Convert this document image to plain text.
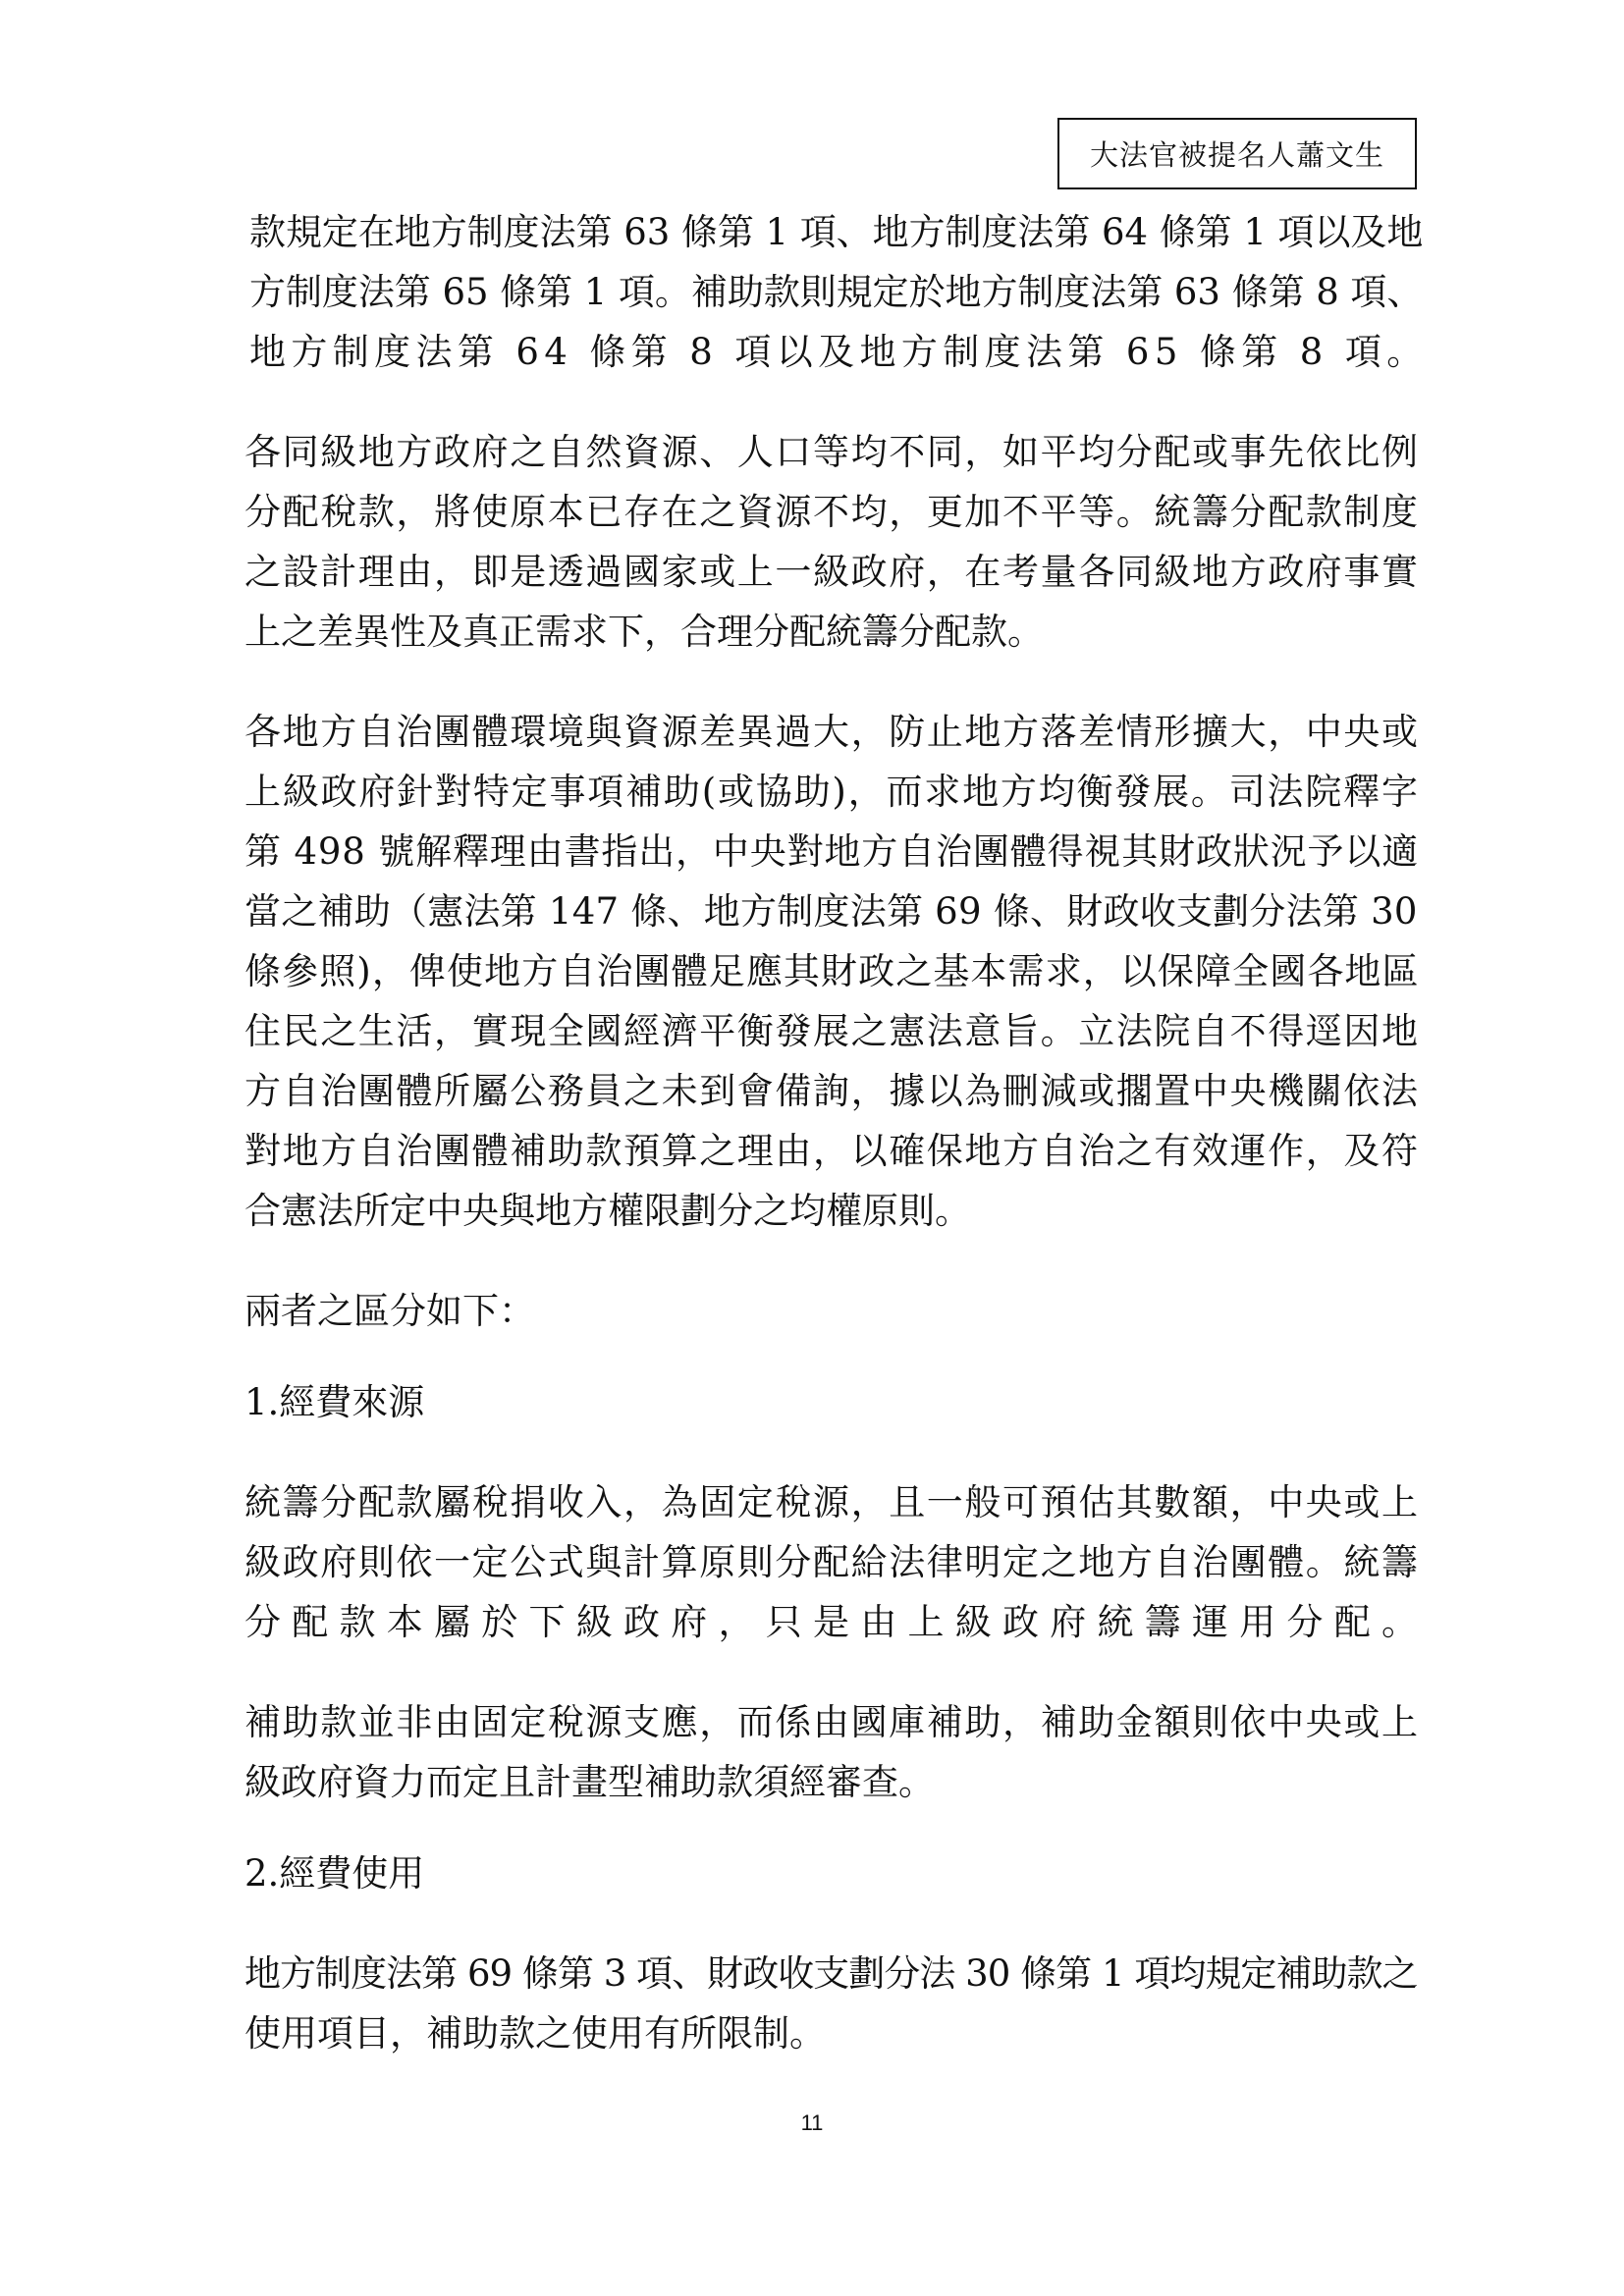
大法官被提名人蕭文生
款規定在地方制度法第 63 條第 1 項、地方制度法第 64 條第 1 項以及地
方制度法第 65 條第 1 項。補助款則規定於地方制度法第 63 條第 8 項、
地方制度法第 64 條第 8 項以及地方制度法第 65 條第 8 項。
各同級地方政府之自然資源、人口等均不同，如平均分配或事先依比例
分配稅款，將使原本已存在之資源不均，更加不平等。統籌分配款制度
之設計理由，即是透過國家或上一級政府，在考量各同級地方政府事實
上之差異性及真正需求下，合理分配統籌分配款。
各地方自治團體環境與資源差異過大，防止地方落差情形擴大，中央或
上級政府針對特定事項補助(或協助)，而求地方均衡發展。司法院釋字
第 498 號解釋理由書指出，中央對地方自治團體得視其財政狀況予以適
當之補助（憲法第 147 條、地方制度法第 69 條、財政收支劃分法第 30
條參照)，俾使地方自治團體足應其財政之基本需求，以保障全國各地區
住民之生活，實現全國經濟平衡發展之憲法意旨。立法院自不得逕因地
方自治團體所屬公務員之未到會備詢，據以為刪減或擱置中央機關依法
對地方自治團體補助款預算之理由，以確保地方自治之有效運作，及符
合憲法所定中央與地方權限劃分之均權原則。
兩者之區分如下：
1.經費來源
統籌分配款屬稅捐收入，為固定稅源，且一般可預估其數額，中央或上
級政府則依一定公式與計算原則分配給法律明定之地方自治團體。統籌
分配款本屬於下級政府，只是由上級政府統籌運用分配。
補助款並非由固定稅源支應，而係由國庫補助，補助金額則依中央或上
級政府資力而定且計畫型補助款須經審查。
2.經費使用
地方制度法第 69 條第 3 項、財政收支劃分法 30 條第 1 項均規定補助款之
使用項目，補助款之使用有所限制。
11
